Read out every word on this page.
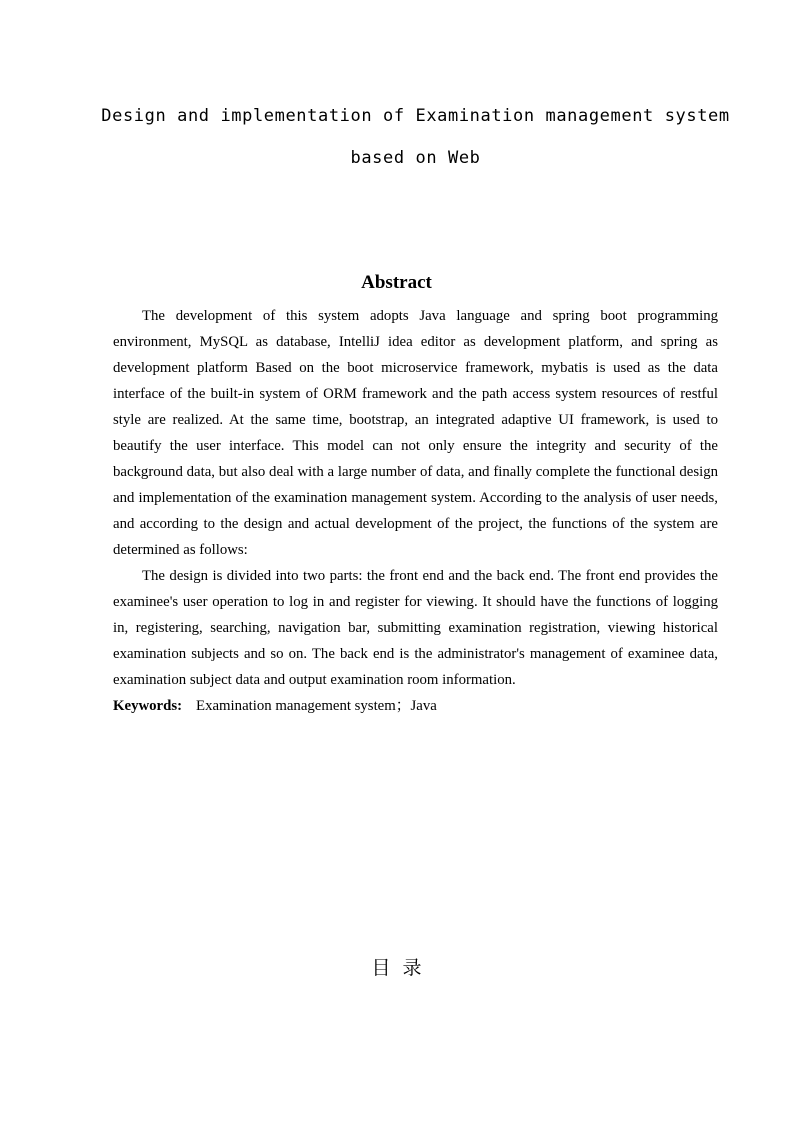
Design and implementation of Examination management system
based on Web
Abstract

The development of this system adopts Java language and spring boot programming environment, MySQL as database, IntelliJ idea editor as development platform, and spring as development platform Based on the boot microservice framework, mybatis is used as the data interface of the built-in system of ORM framework and the path access system resources of restful style are realized. At the same time, bootstrap, an integrated adaptive UI framework, is used to beautify the user interface. This model can not only ensure the integrity and security of the background data, but also deal with a large number of data, and finally complete the functional design and implementation of the examination management system. According to the analysis of user needs, and according to the design and actual development of the project, the functions of the system are determined as follows:

The design is divided into two parts: the front end and the back end. The front end provides the examinee's user operation to log in and register for viewing. It should have the functions of logging in, registering, searching, navigation bar, submitting examination registration, viewing historical examination subjects and so on. The back end is the administrator's management of examinee data, examination subject data and output examination room information.

Keywords: Examination management system；Java
目录
